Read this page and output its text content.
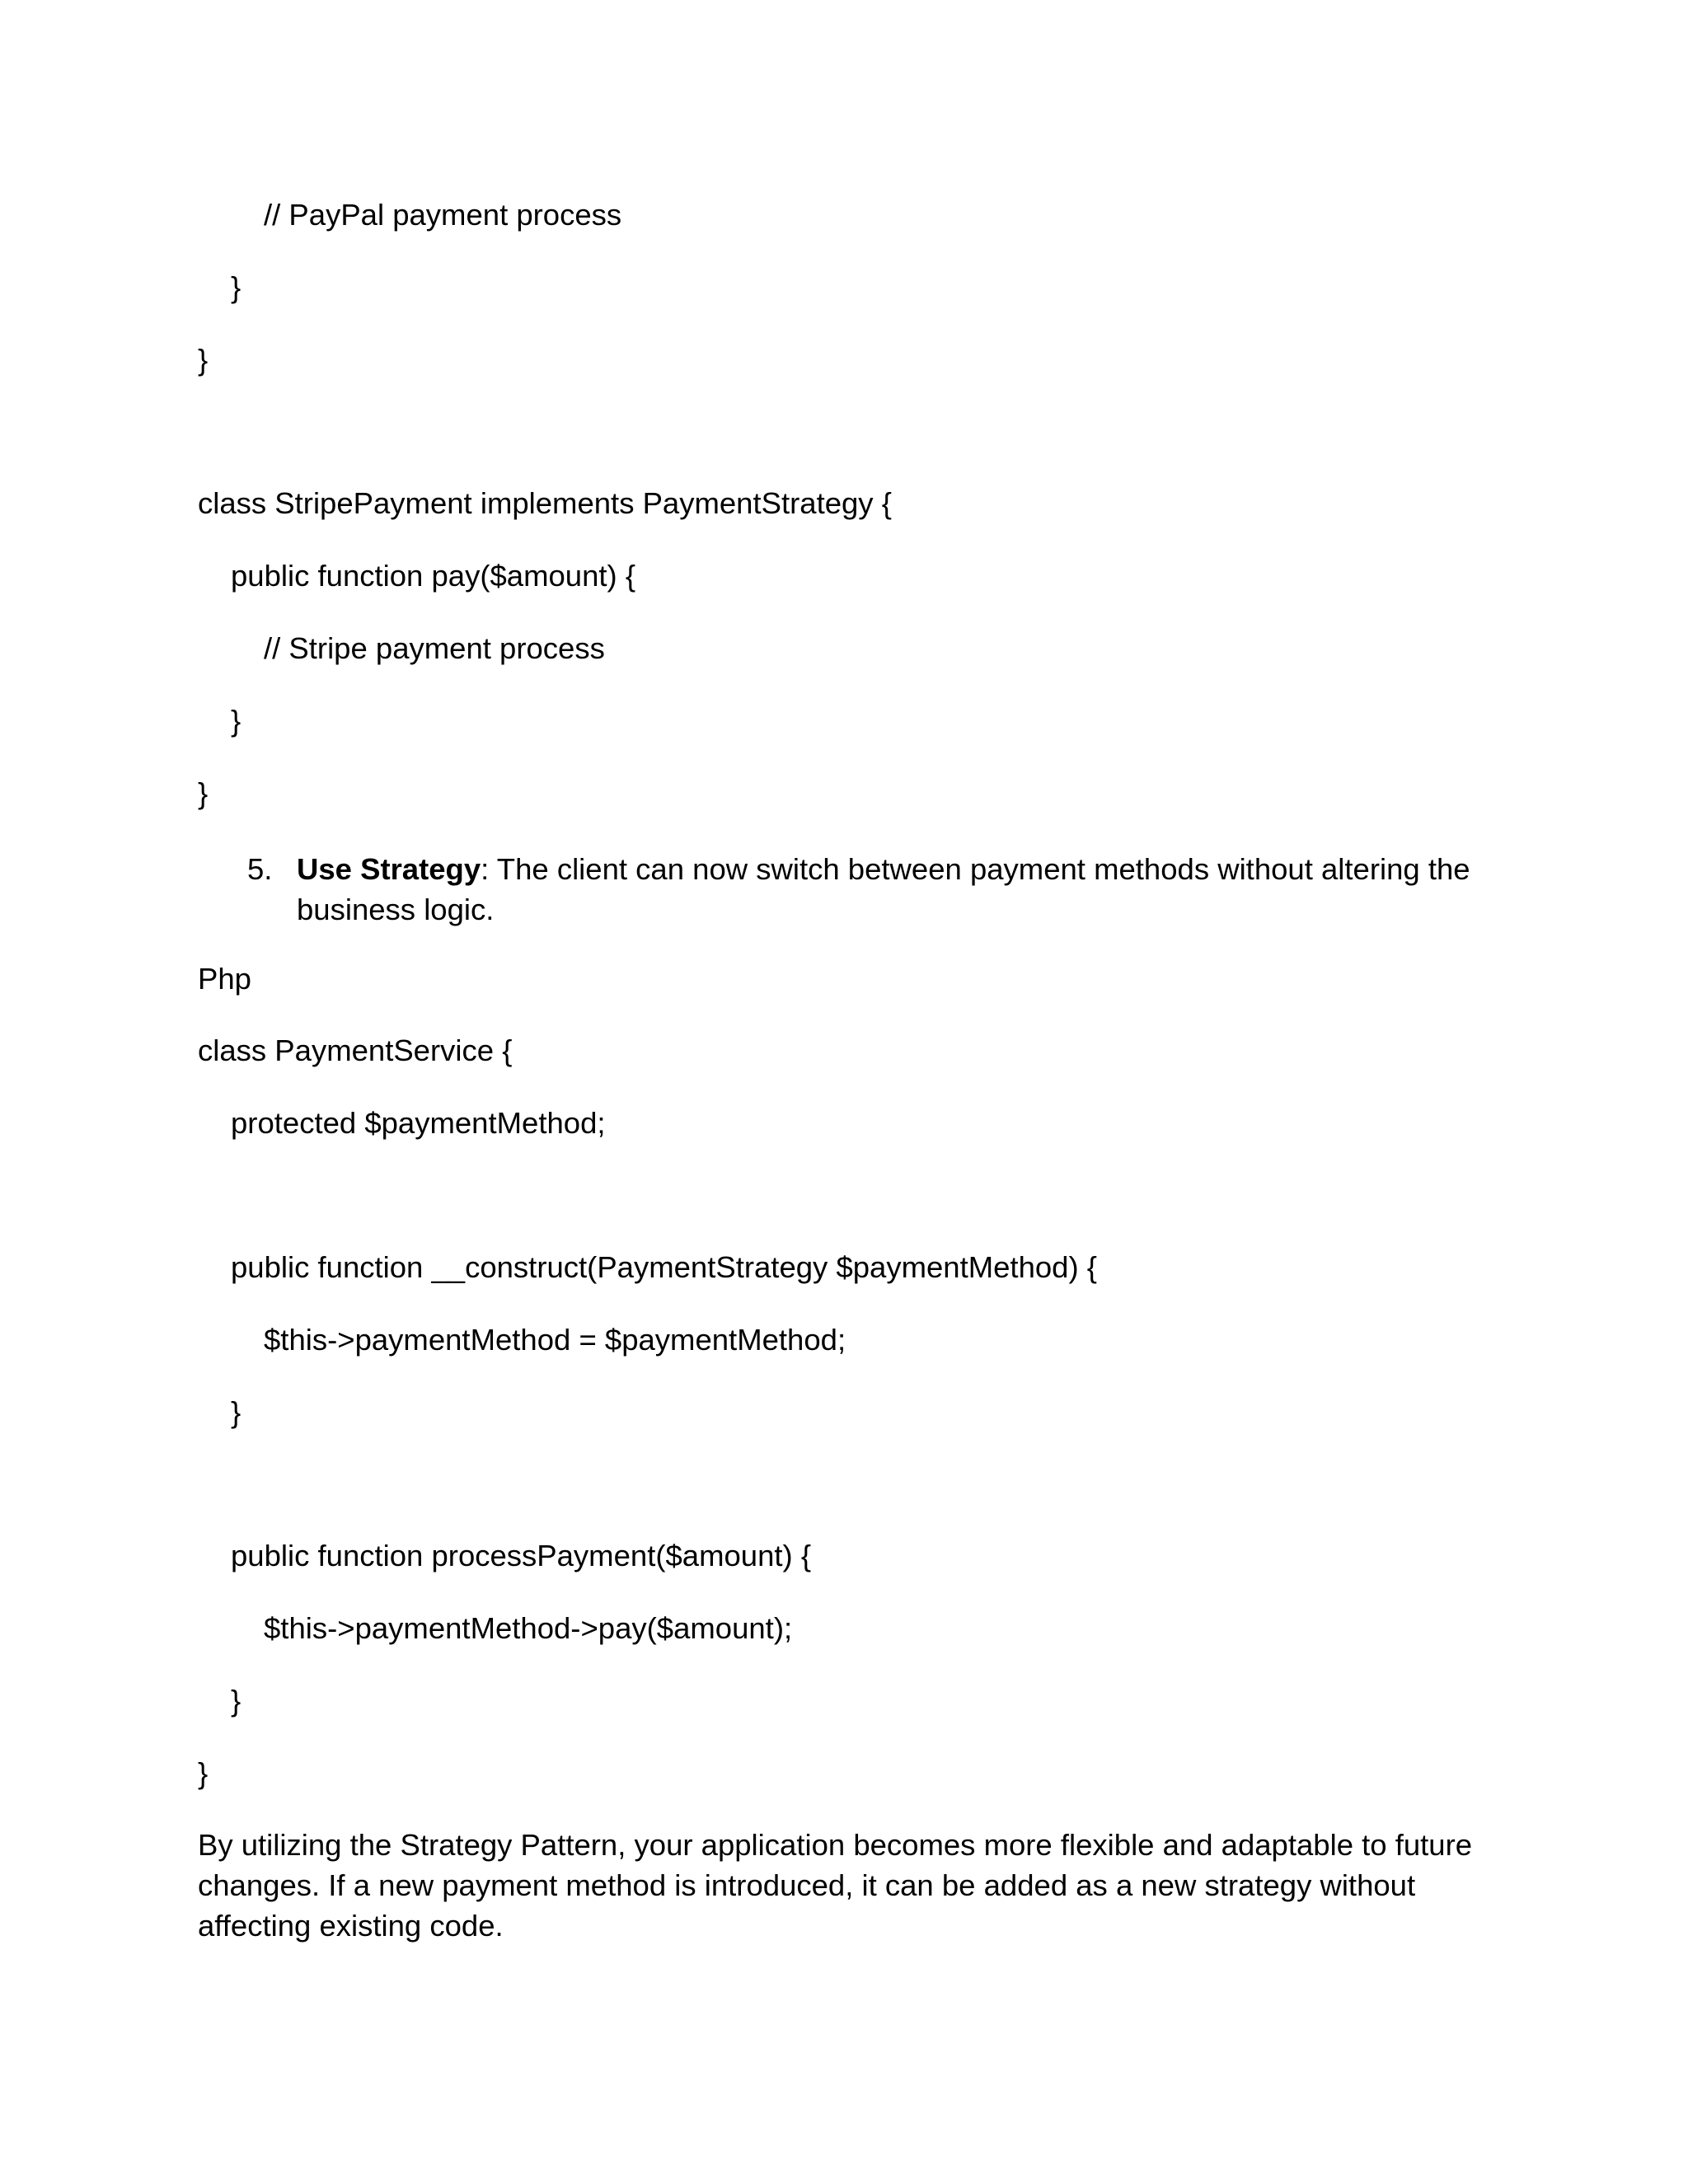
// PayPal payment process

}

}

class StripePayment implements PaymentStrategy {

public function pay($amount) {

// Stripe payment process

}

}

5. Use Strategy: The client can now switch between payment methods without altering the business logic.

Php

class PaymentService {

protected $paymentMethod;

public function __construct(PaymentStrategy $paymentMethod) {

$this->paymentMethod = $paymentMethod;

}

public function processPayment($amount) {

$this->paymentMethod->pay($amount);

}

}

By utilizing the Strategy Pattern, your application becomes more flexible and adaptable to future changes. If a new payment method is introduced, it can be added as a new strategy without affecting existing code.
